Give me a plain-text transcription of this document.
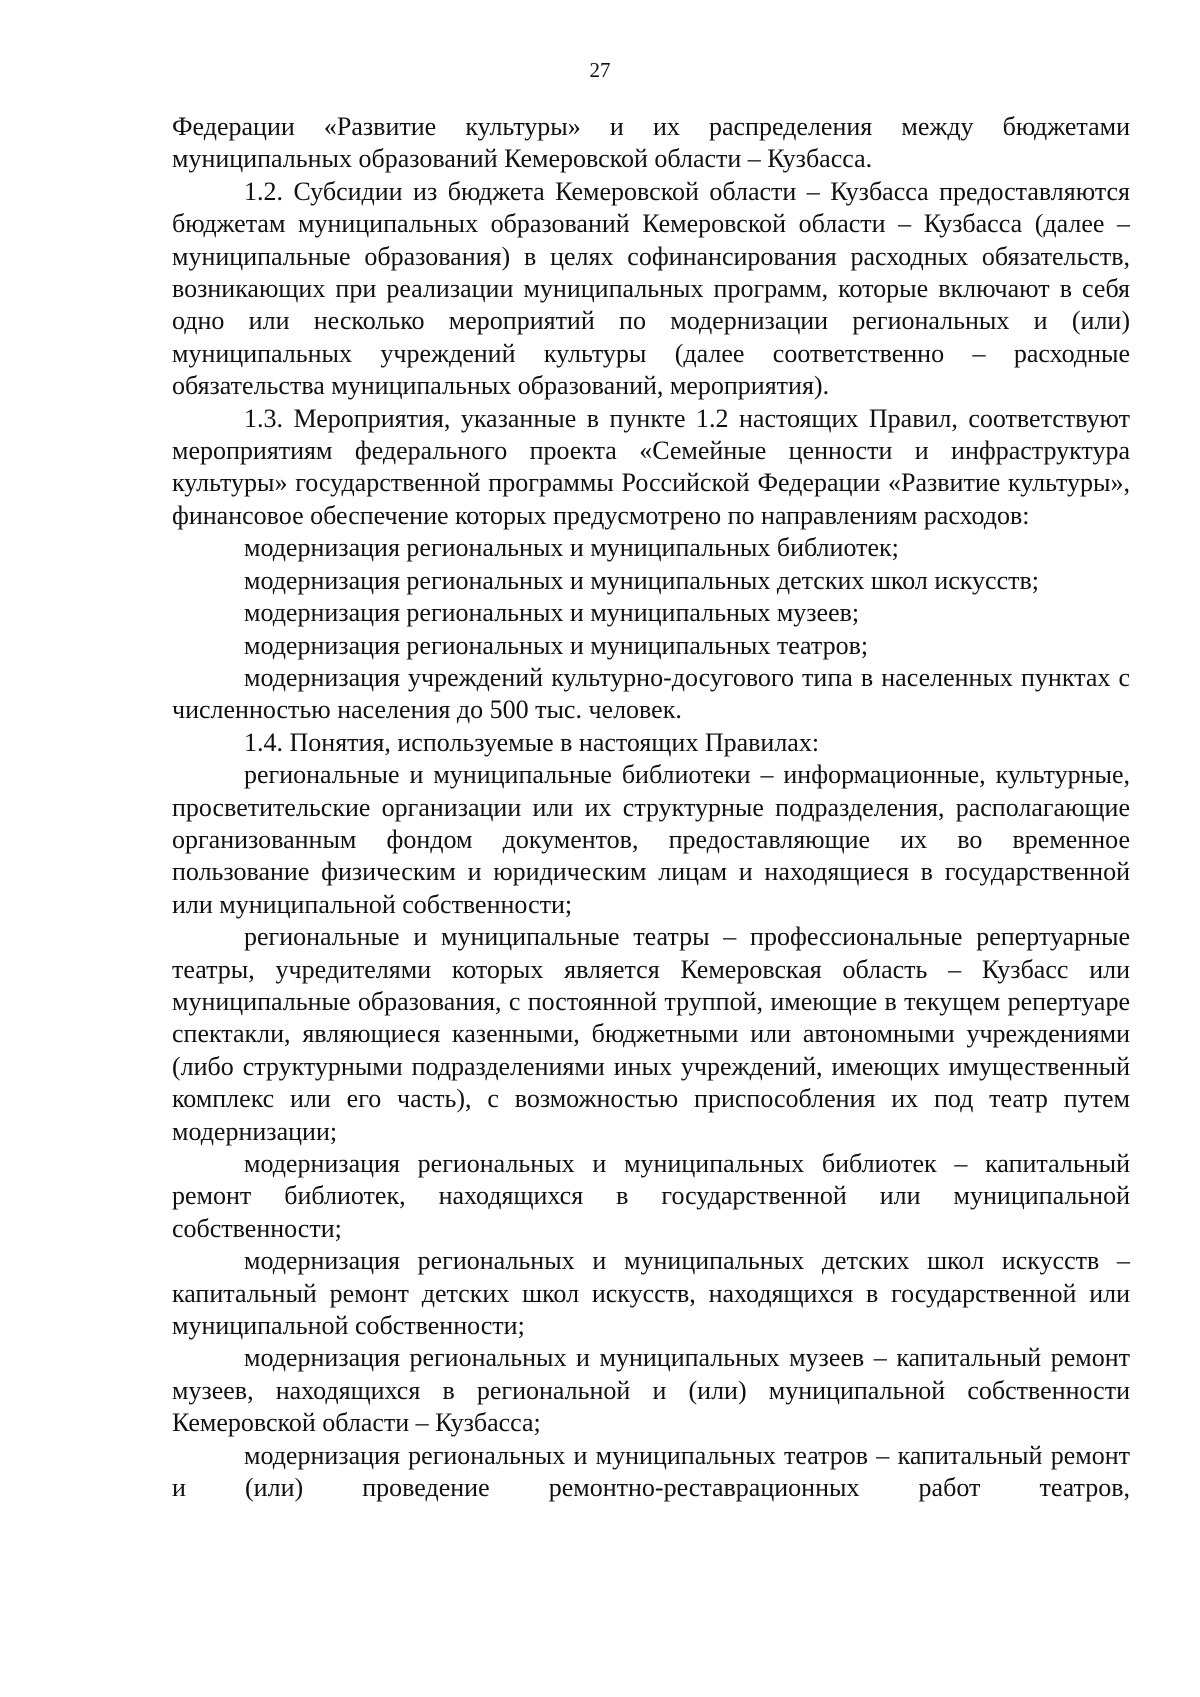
27

Федерации «Развитие культуры» и их распределения между бюджетами муниципальных образований Кемеровской области – Кузбасса.

1.2. Субсидии из бюджета Кемеровской области – Кузбасса предоставляются бюджетам муниципальных образований Кемеровской области – Кузбасса (далее – муниципальные образования) в целях софинансирования расходных обязательств, возникающих при реализации муниципальных программ, которые включают в себя одно или несколько мероприятий по модернизации региональных и (или) муниципальных учреждений культуры (далее соответственно – расходные обязательства муниципальных образований, мероприятия).

1.3. Мероприятия, указанные в пункте 1.2 настоящих Правил, соответствуют мероприятиям федерального проекта «Семейные ценности и инфраструктура культуры» государственной программы Российской Федерации «Развитие культуры», финансовое обеспечение которых предусмотрено по направлениям расходов:

модернизация региональных и муниципальных библиотек;

модернизация региональных и муниципальных детских школ искусств;

модернизация региональных и муниципальных музеев;

модернизация региональных и муниципальных театров;

модернизация учреждений культурно-досугового типа в населенных пунктах с численностью населения до 500 тыс. человек.

1.4. Понятия, используемые в настоящих Правилах:

региональные и муниципальные библиотеки – информационные, культурные, просветительские организации или их структурные подразделения, располагающие организованным фондом документов, предоставляющие их во временное пользование физическим и юридическим лицам и находящиеся в государственной или муниципальной собственности;

региональные и муниципальные театры – профессиональные репертуарные театры, учредителями которых является Кемеровская область – Кузбасс или муниципальные образования, с постоянной труппой, имеющие в текущем репертуаре спектакли, являющиеся казенными, бюджетными или автономными учреждениями (либо структурными подразделениями иных учреждений, имеющих имущественный комплекс или его часть), с возможностью приспособления их под театр путем модернизации;

модернизация региональных и муниципальных библиотек – капитальный ремонт библиотек, находящихся в государственной или муниципальной собственности;

модернизация региональных и муниципальных детских школ искусств – капитальный ремонт детских школ искусств, находящихся в государственной или муниципальной собственности;

модернизация региональных и муниципальных музеев – капитальный ремонт музеев, находящихся в региональной и (или) муниципальной собственности Кемеровской области – Кузбасса;

модернизация региональных и муниципальных театров – капитальный ремонт и (или) проведение ремонтно-реставрационных работ театров,
